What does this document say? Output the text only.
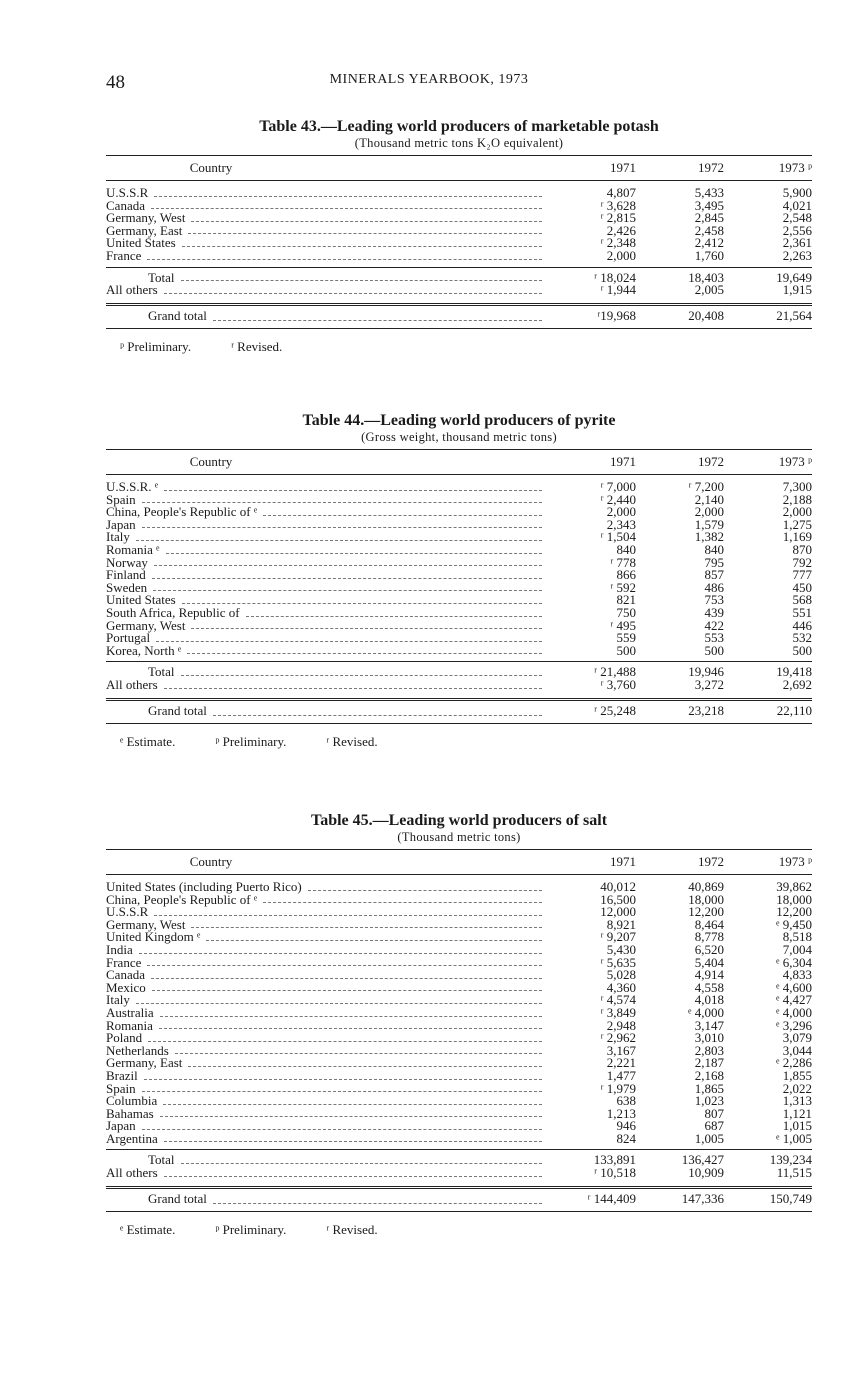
48	MINERALS YEARBOOK, 1973
Table 43.—Leading world producers of marketable potash
(Thousand metric tons K₂O equivalent)
Country	1971	1972	1973 ᵖ
U.S.S.R	4,807	5,433	5,900
Canada	ʳ 3,628	3,495	4,021
Germany, West	ʳ 2,815	2,845	2,548
Germany, East	2,426	2,458	2,556
United States	ʳ 2,348	2,412	2,361
France	2,000	1,760	2,263
Total	ʳ 18,024	18,403	19,649
All others	ʳ 1,944	2,005	1,915
Grand total	ʳ19,968	20,408	21,564
ᵖ Preliminary.	ʳ Revised.
Table 44.—Leading world producers of pyrite
(Gross weight, thousand metric tons)
Country	1971	1972	1973 ᵖ
U.S.S.R. ᵉ	ʳ 7,000	ʳ 7,200	7,300
Spain	ʳ 2,440	2,140	2,188
China, People's Republic of ᵉ	2,000	2,000	2,000
Japan	2,343	1,579	1,275
Italy	ʳ 1,504	1,382	1,169
Romania ᵉ	840	840	870
Norway	ʳ 778	795	792
Finland	866	857	777
Sweden	ʳ 592	486	450
United States	821	753	568
South Africa, Republic of	750	439	551
Germany, West	ʳ 495	422	446
Portugal	559	553	532
Korea, North ᵉ	500	500	500
Total	ʳ 21,488	19,946	19,418
All others	ʳ 3,760	3,272	2,692
Grand total	ʳ 25,248	23,218	22,110
ᵉ Estimate.	ᵖ Preliminary.	ʳ Revised.
Table 45.—Leading world producers of salt
(Thousand metric tons)
Country	1971	1972	1973 ᵖ
United States (including Puerto Rico)	40,012	40,869	39,862
China, People's Republic of ᵉ	16,500	18,000	18,000
U.S.S.R	12,000	12,200	12,200
Germany, West	8,921	8,464	ᵉ 9,450
United Kingdom ᵉ	ʳ 9,207	8,778	8,518
India	5,430	6,520	7,004
France	ʳ 5,635	5,404	ᵉ 6,304
Canada	5,028	4,914	4,833
Mexico	4,360	4,558	ᵉ 4,600
Italy	ʳ 4,574	4,018	ᵉ 4,427
Australia	ʳ 3,849	ᵉ 4,000	ᵉ 4,000
Romania	2,948	3,147	ᵉ 3,296
Poland	ʳ 2,962	3,010	3,079
Netherlands	3,167	2,803	3,044
Germany, East	2,221	2,187	ᵉ 2,286
Brazil	1,477	2,168	1,855
Spain	ʳ 1,979	1,865	2,022
Columbia	638	1,023	1,313
Bahamas	1,213	807	1,121
Japan	946	687	1,015
Argentina	824	1,005	ᵉ 1,005
Total	133,891	136,427	139,234
All others	ʳ 10,518	10,909	11,515
Grand total	ʳ 144,409	147,336	150,749
ᵉ Estimate.	ᵖ Preliminary.	ʳ Revised.
